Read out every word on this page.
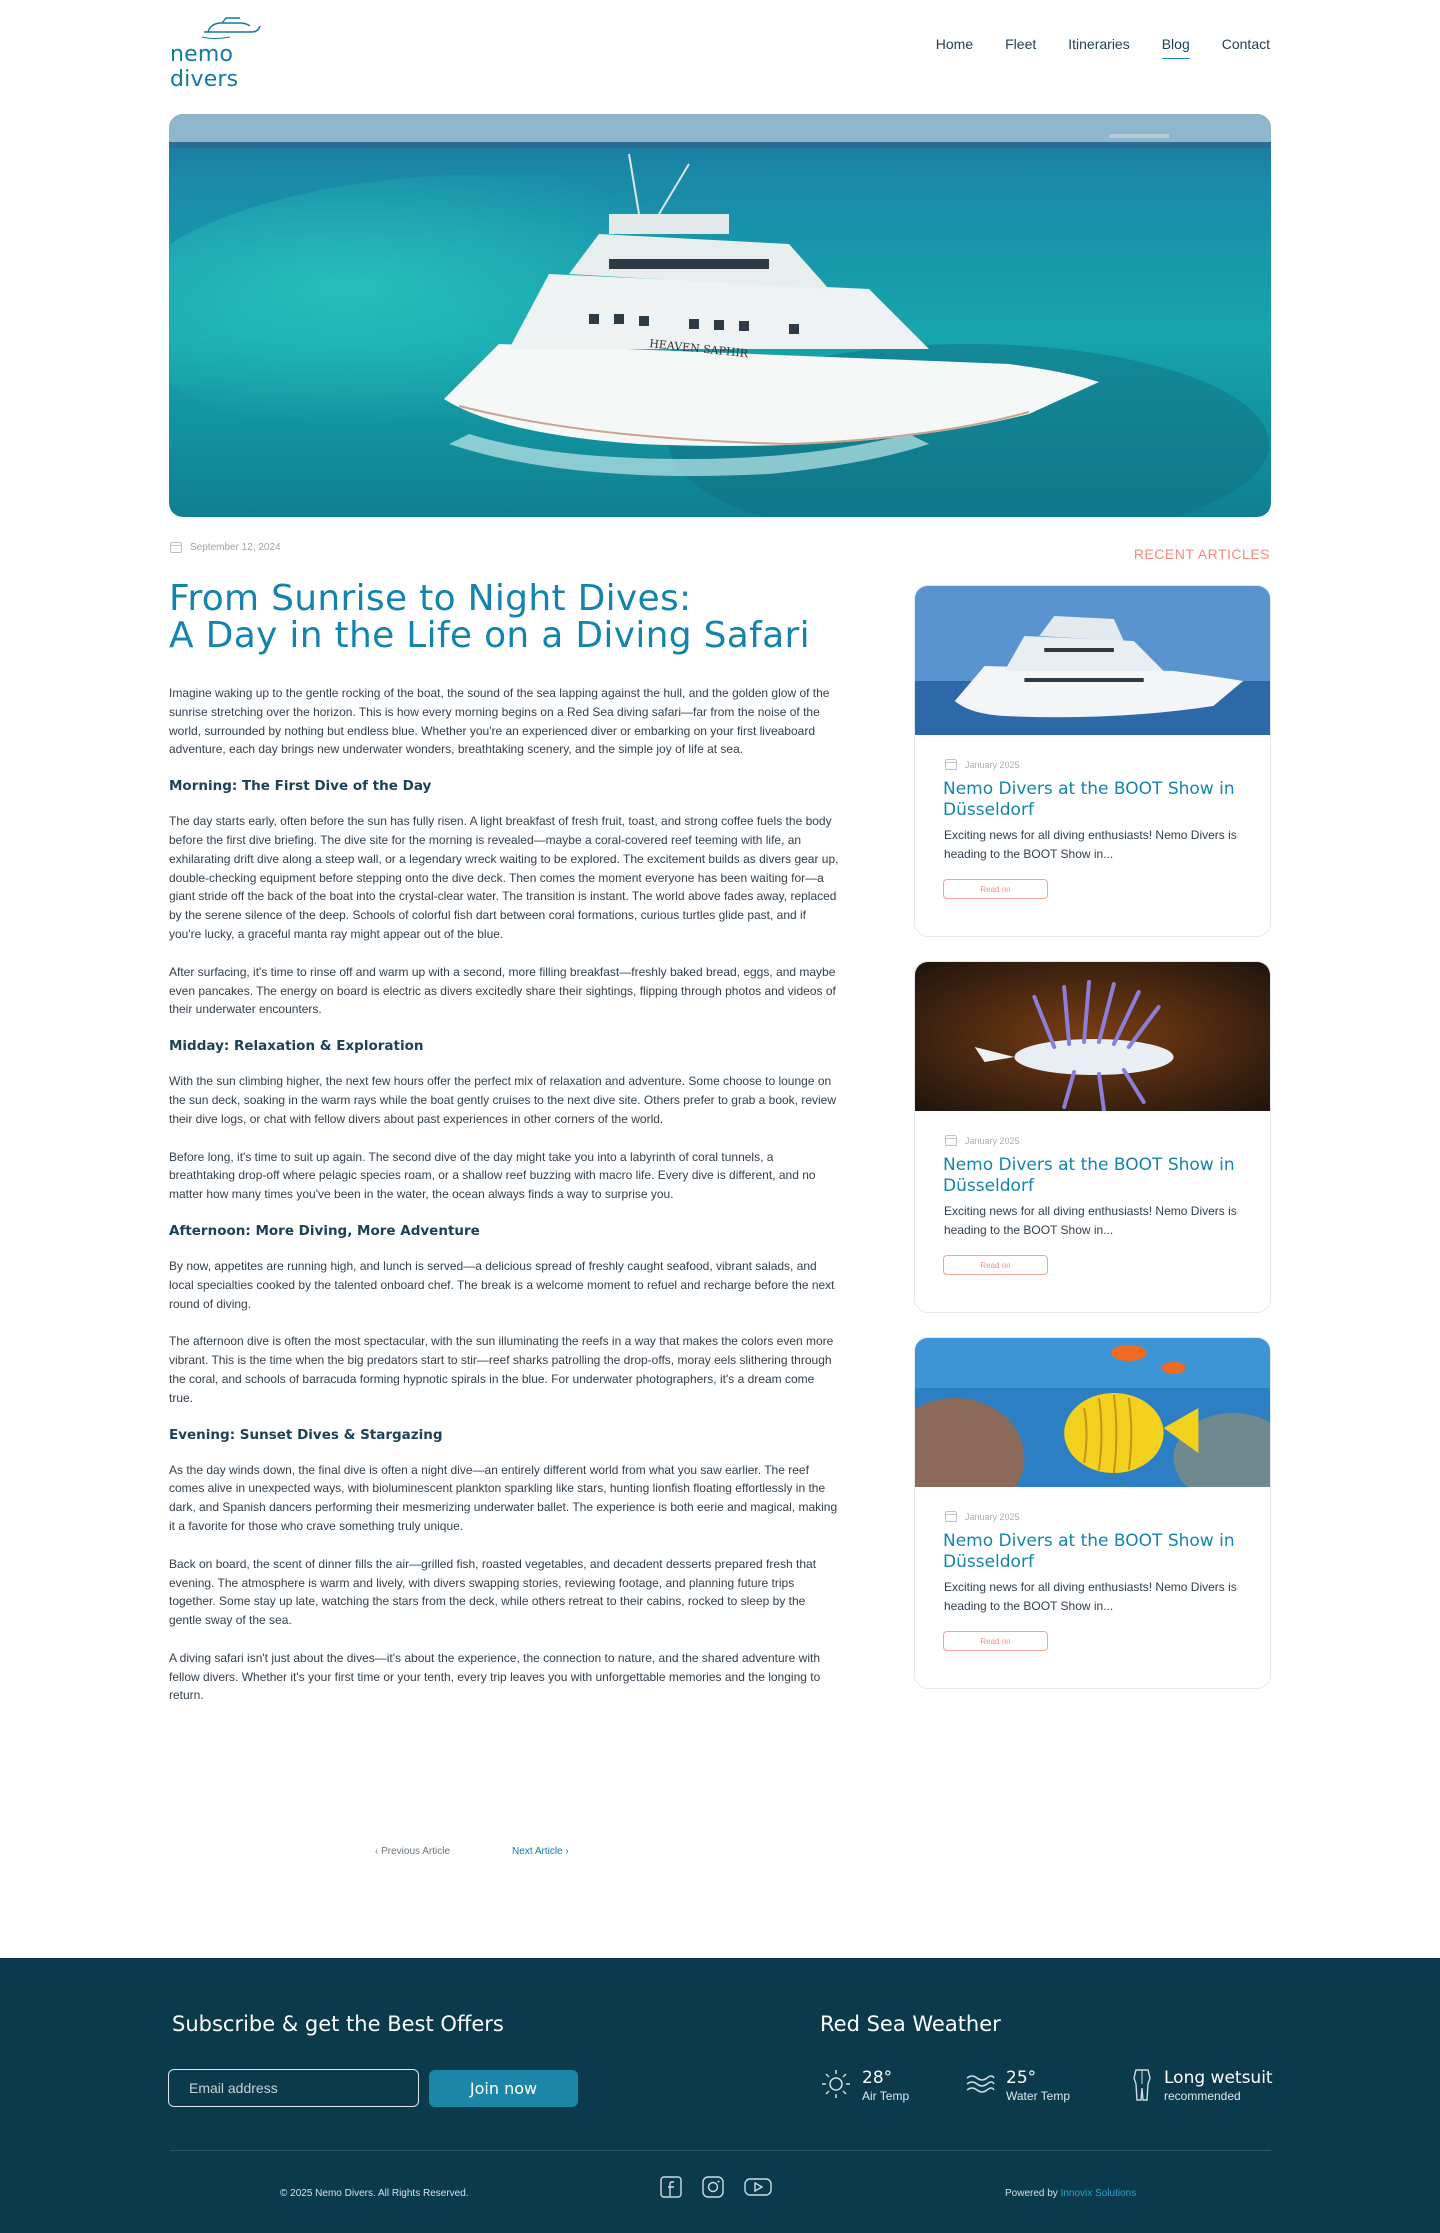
nemo divers
Home Fleet Itineraries Blog Contact
HEAVEN SAPHIR
September 12, 2024
From Sunrise to Night Dives:
A Day in the Life on a Diving Safari

Imagine waking up to the gentle rocking of the boat, the sound of the sea lapping against the hull, and the golden glow of the sunrise stretching over the horizon. This is how every morning begins on a Red Sea diving safari—far from the noise of the world, surrounded by nothing but endless blue. Whether you're an experienced diver or embarking on your first liveaboard adventure, each day brings new underwater wonders, breathtaking scenery, and the simple joy of life at sea.

Morning: The First Dive of the Day

The day starts early, often before the sun has fully risen. A light breakfast of fresh fruit, toast, and strong coffee fuels the body before the first dive briefing. The dive site for the morning is revealed—maybe a coral-covered reef teeming with life, an exhilarating drift dive along a steep wall, or a legendary wreck waiting to be explored. The excitement builds as divers gear up, double-checking equipment before stepping onto the dive deck. Then comes the moment everyone has been waiting for—a giant stride off the back of the boat into the crystal-clear water. The transition is instant. The world above fades away, replaced by the serene silence of the deep. Schools of colorful fish dart between coral formations, curious turtles glide past, and if you're lucky, a graceful manta ray might appear out of the blue.

After surfacing, it's time to rinse off and warm up with a second, more filling breakfast—freshly baked bread, eggs, and maybe even pancakes. The energy on board is electric as divers excitedly share their sightings, flipping through photos and videos of their underwater encounters.

Midday: Relaxation & Exploration

With the sun climbing higher, the next few hours offer the perfect mix of relaxation and adventure. Some choose to lounge on the sun deck, soaking in the warm rays while the boat gently cruises to the next dive site. Others prefer to grab a book, review their dive logs, or chat with fellow divers about past experiences in other corners of the world.

Before long, it's time to suit up again. The second dive of the day might take you into a labyrinth of coral tunnels, a breathtaking drop-off where pelagic species roam, or a shallow reef buzzing with macro life. Every dive is different, and no matter how many times you've been in the water, the ocean always finds a way to surprise you.

Afternoon: More Diving, More Adventure

By now, appetites are running high, and lunch is served—a delicious spread of freshly caught seafood, vibrant salads, and local specialties cooked by the talented onboard chef. The break is a welcome moment to refuel and recharge before the next round of diving.

The afternoon dive is often the most spectacular, with the sun illuminating the reefs in a way that makes the colors even more vibrant. This is the time when the big predators start to stir—reef sharks patrolling the drop-offs, moray eels slithering through the coral, and schools of barracuda forming hypnotic spirals in the blue. For underwater photographers, it's a dream come true.

Evening: Sunset Dives & Stargazing

As the day winds down, the final dive is often a night dive—an entirely different world from what you saw earlier. The reef comes alive in unexpected ways, with bioluminescent plankton sparkling like stars, hunting lionfish floating effortlessly in the dark, and Spanish dancers performing their mesmerizing underwater ballet. The experience is both eerie and magical, making it a favorite for those who crave something truly unique.

Back on board, the scent of dinner fills the air—grilled fish, roasted vegetables, and decadent desserts prepared fresh that evening. The atmosphere is warm and lively, with divers swapping stories, reviewing footage, and planning future trips together. Some stay up late, watching the stars from the deck, while others retreat to their cabins, rocked to sleep by the gentle sway of the sea.

A diving safari isn't just about the dives—it's about the experience, the connection to nature, and the shared adventure with fellow divers. Whether it's your first time or your tenth, every trip leaves you with unforgettable memories and the longing to return.

‹ Previous Article	Next Article ›
RECENT ARTICLES
January 2025
Nemo Divers at the BOOT Show in Düsseldorf
Exciting news for all diving enthusiasts! Nemo Divers is heading to the BOOT Show in...
Read on
January 2025
Nemo Divers at the BOOT Show in Düsseldorf
Exciting news for all diving enthusiasts! Nemo Divers is heading to the BOOT Show in...
Read on
January 2025
Nemo Divers at the BOOT Show in Düsseldorf
Exciting news for all diving enthusiasts! Nemo Divers is heading to the BOOT Show in...
Read on
Subscribe & get the Best Offers
Email address
Join now
Red Sea Weather
28°
Air Temp
25°
Water Temp
Long wetsuit
recommended
© 2025 Nemo Divers. All Rights Reserved.	Powered by Innovix Solutions
